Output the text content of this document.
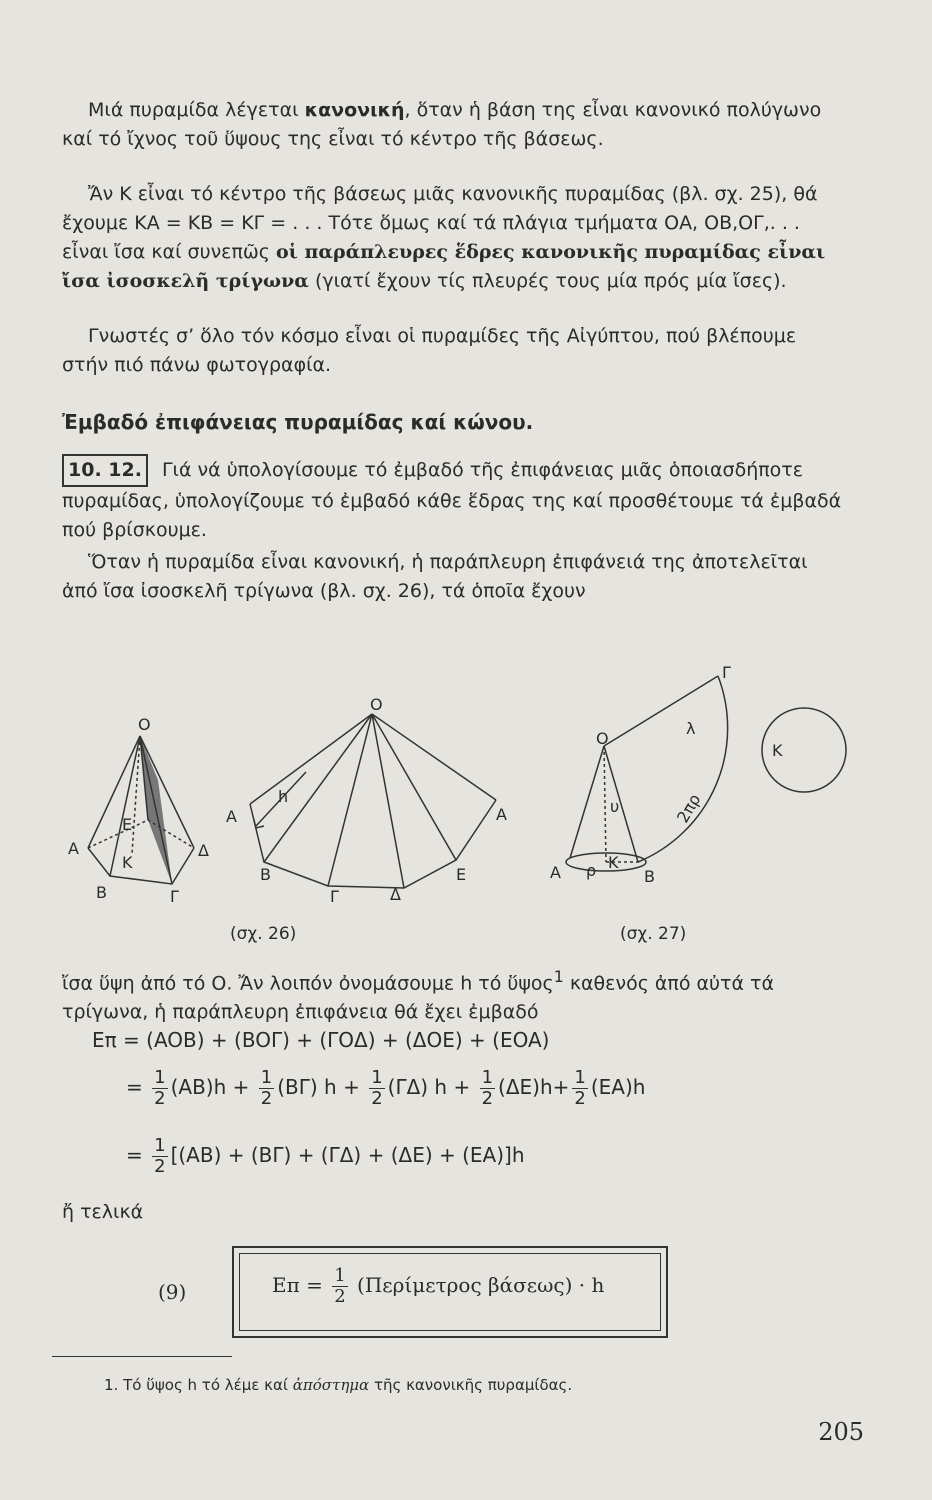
Μιά πυραμίδα λέγεται κανονική, ὅταν ἡ βάση της εἶναι κανονικό πολύγωνο καί τό ἴχνος τοῦ ὕψους της εἶναι τό κέντρο τῆς βάσεως.

Ἄν Κ εἶναι τό κέντρο τῆς βάσεως μιᾶς κανονικῆς πυραμίδας (βλ. σχ. 25), θά ἔχουμε ΚΑ = ΚΒ = ΚΓ = . . . Τότε ὅμως καί τά πλάγια τμήματα ΟΑ, ΟΒ,ΟΓ,. . . εἶναι ἴσα καί συνεπῶς οἱ παράπλευρες ἕδρες κανονικῆς πυραμίδας εἶναι ἴσα ἰσοσκελῆ τρίγωνα (γιατί ἔχουν τίς πλευρές τους μία πρός μία ἴσες).

Γνωστές σ’ ὅλο τόν κόσμο εἶναι οἱ πυραμίδες τῆς Αἰγύπτου, πού βλέπουμε στήν πιό πάνω φωτογραφία.

Ἐμβαδό ἐπιφάνειας πυραμίδας καί κώνου.

10. 12. Γιά νά ὑπολογίσουμε τό ἐμβαδό τῆς ἐπιφάνειας μιᾶς ὁποιασδήποτε πυραμίδας, ὑπολογίζουμε τό ἐμβαδό κάθε ἕδρας της καί προσθέτουμε τά ἐμβαδά πού βρίσκουμε.

Ὅταν ἡ πυραμίδα εἶναι κανονική, ἡ παράπλευρη ἐπιφάνειά της ἀποτελεῖται ἀπό ἴσα ἰσοσκελῆ τρίγωνα (βλ. σχ. 26), τά ὁποῖα ἔχουν

O
A
B	Γ
Δ
E
K
O
h
A
B
Γ	Δ
E
A
O
Γ
λ
K
υ	2πρ
A ρ K
B
(σχ. 26)	(σχ. 27)

ἴσα ὕψη ἀπό τό Ο. Ἄν λοιπόν ὀνομάσουμε h τό ὕψος$^1$ καθενός ἀπό αὐτά τά τρίγωνα, ἡ παράπλευρη ἐπιφάνεια θά ἔχει ἐμβαδό

Eπ = (AOB) + (BOΓ) + (ΓOΔ) + (ΔOE) + (EOA)
= $\frac{1}{2} (AB)h + \frac{1}{2} (B\Gamma) h + \frac{1}{2} (\Gamma\Delta) h + \frac{1}{2} (\Delta E)h+ \frac{1}{2} (EA)h$
= $\frac{1}{2} [(AB) + (B\Gamma) + (\Gamma\Delta) + (\Delta E) + (EA)]h$
ἤ τελικά
(9)	$E\pi = \frac{1}{2} (\Pi\varepsilon\rho ί\mu\varepsilon\tau\rho o\varsigma$ βάσεως) · h
1. Τό ὕψος h τό λέμε καί ἀπόστημα τῆς κανονικῆς πυραμίδας.
205
